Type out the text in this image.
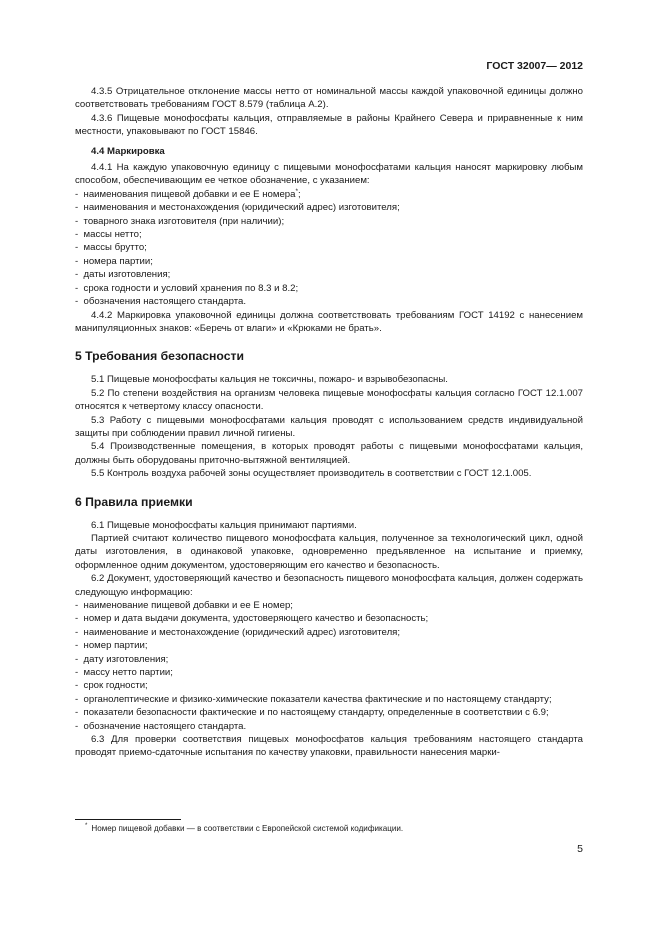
ГОСТ 32007— 2012

4.3.5 Отрицательное отклонение массы нетто от номинальной массы каждой упаковочной единицы должно соответствовать требованиям ГОСТ 8.579 (таблица А.2).

4.3.6 Пищевые монофосфаты кальция, отправляемые в районы Крайнего Севера и приравненные к ним местности, упаковывают по ГОСТ 15846.

4.4 Маркировка

4.4.1 На каждую упаковочную единицу с пищевыми монофосфатами кальция наносят маркировку любым способом, обеспечивающим ее четкое обозначение, с указанием:

-  наименования пищевой добавки и ее Е номера*;

-  наименования и местонахождения (юридический адрес) изготовителя;

-  товарного знака изготовителя (при наличии);

-  массы нетто;

-  массы брутто;

-  номера партии;

-  даты изготовления;

-  срока годности и условий хранения по 8.3 и 8.2;

-  обозначения настоящего стандарта.

4.4.2 Маркировка упаковочной единицы должна соответствовать требованиям ГОСТ 14192 с нанесением манипуляционных знаков: «Беречь от влаги» и «Крюками не брать».

5 Требования безопасности

5.1 Пищевые монофосфаты кальция не токсичны, пожаро- и взрывобезопасны.

5.2 По степени воздействия на организм человека пищевые монофосфаты кальция согласно ГОСТ 12.1.007 относятся к четвертому классу опасности.

5.3 Работу с пищевыми монофосфатами кальция проводят с использованием средств индивидуальной защиты при соблюдении правил личной гигиены.

5.4 Производственные помещения, в которых проводят работы с пищевыми монофосфатами кальция, должны быть оборудованы приточно-вытяжной вентиляцией.

5.5 Контроль воздуха рабочей зоны осуществляет производитель в соответствии с ГОСТ 12.1.005.

6 Правила приемки

6.1 Пищевые монофосфаты кальция принимают партиями.

Партией считают количество пищевого монофосфата кальция, полученное за технологический цикл, одной даты изготовления, в одинаковой упаковке, одновременно предъявленное на испытание и приемку, оформленное одним документом, удостоверяющим его качество и безопасность.

6.2 Документ, удостоверяющий качество и безопасность пищевого монофосфата кальция, должен содержать следующую информацию:

-  наименование пищевой добавки и ее Е номер;

-  номер и дата выдачи документа, удостоверяющего качество и безопасность;

-  наименование и местонахождение (юридический адрес) изготовителя;

-  номер партии;

-  дату изготовления;

-  массу нетто партии;

-  срок годности;

-  органолептические и физико-химические показатели качества фактические и по настоящему стандарту;

-  показатели безопасности фактические и по настоящему стандарту, определенные в соответствии с 6.9;

-  обозначение настоящего стандарта.

6.3 Для проверки соответствия пищевых монофосфатов кальция требованиям настоящего стандарта проводят приемо-сдаточные испытания по качеству упаковки, правильности нанесения марки-

* Номер пищевой добавки — в соответствии с Европейской системой кодификации.
5
